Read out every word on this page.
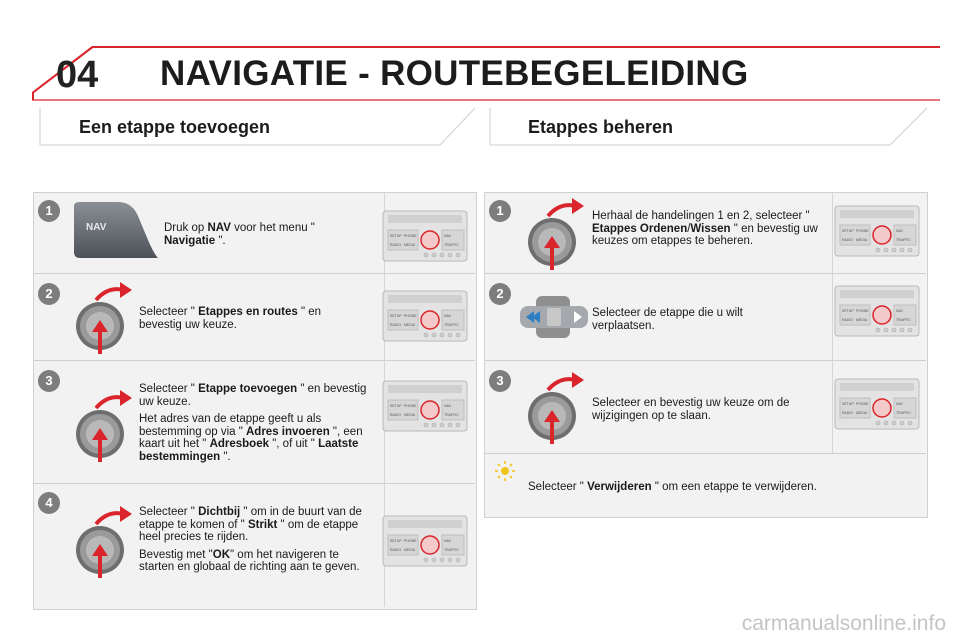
04 NAVIGATIE - ROUTEBEGELEIDING
Een etappe toevoegen	Etappes beheren
1
2
3
4
1
2
3
NAV	Druk op NAV voor het menu " Navigatie ".

Selecteer " Etappes en routes " en bevestig uw keuze.

Selecteer " Etappe toevoegen " en bevestig uw keuze.

Het adres van de etappe geeft u als bestemming op via " Adres invoeren ", een kaart uit het " Adresboek ", of uit " Laatste bestemmingen ".

Selecteer " Dichtbij " om in de buurt van de etappe te komen of " Strikt " om de etappe heel precies te rijden.

Bevestig met "OK" om het navigeren te starten en globaal de richting aan te geven.

Herhaal de handelingen 1 en 2, selecteer " Etappes Ordenen/Wissen " en bevestig uw keuzes om etappes te beheren.

Selecteer de etappe die u wilt verplaatsen.

Selecteer en bevestig uw keuze om de wijzigingen op te slaan.

Selecteer " Verwijderen " om een etappe te verwijderen.

SETUP PHONE
RADIO MEDIA
NAV
TRAFFIC
SETUP PHONE
RADIO MEDIA
NAV
TRAFFIC
SETUP PHONE
RADIO MEDIA
NAV
TRAFFIC
SETUP PHONE
RADIO MEDIA
NAV
TRAFFIC
SETUP PHONE
RADIO MEDIA
NAV
TRAFFIC
SETUP PHONE
RADIO MEDIA
NAV
TRAFFIC
SETUP PHONE
RADIO MEDIA
NAV
TRAFFIC
carmanualsonline.info
